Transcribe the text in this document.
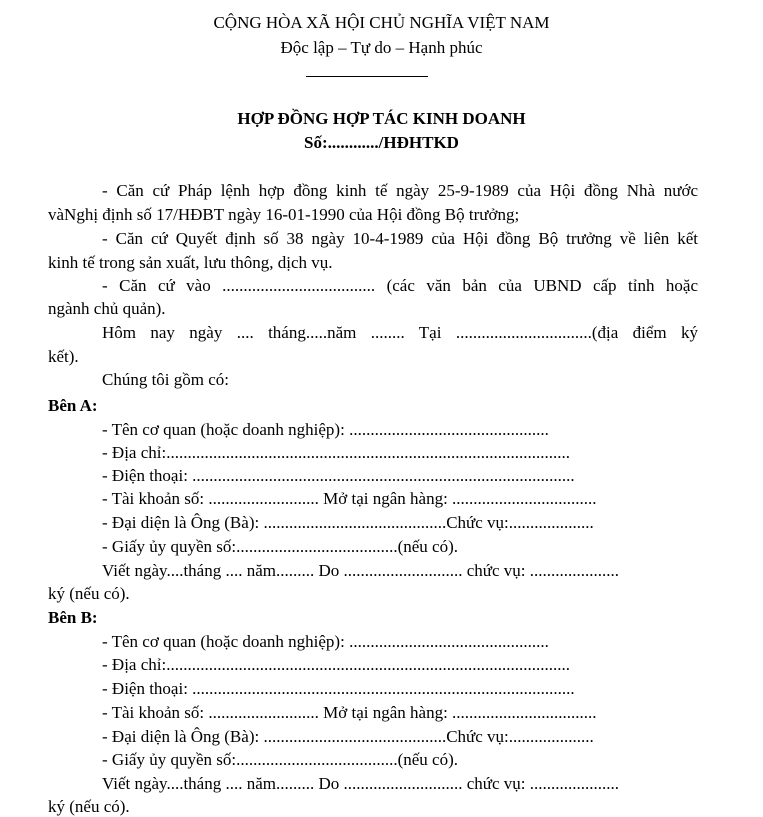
CỘNG HÒA XÃ HỘI CHỦ NGHĨA VIỆT NAM
Độc lập – Tự do – Hạnh phúc
HỢP ĐỒNG HỢP TÁC KINH DOANH
Số:............/HĐHTKD
- Căn cứ Pháp lệnh hợp đồng kinh tế ngày 25-9-1989 của Hội đồng Nhà nước
vàNghị định số 17/HĐBT ngày 16-01-1990 của Hội đồng Bộ trưởng;
- Căn cứ Quyết định số 38 ngày 10-4-1989 của Hội đồng Bộ trưởng về liên kết
kinh tế trong sản xuất, lưu thông, dịch vụ.
- Căn cứ vào .................................... (các văn bản của UBND cấp tỉnh hoặc
ngành chủ quản).
Hôm nay ngày .... tháng.....năm ........ Tại ................................(địa điểm ký
kết).
Chúng tôi gồm có:
Bên A:
- Tên cơ quan (hoặc doanh nghiệp): ...............................................
- Địa chỉ:...............................................................................................
- Điện thoại: ..........................................................................................
- Tài khoản số: .......................... Mở tại ngân hàng: ..................................
- Đại diện là Ông (Bà): ...........................................Chức vụ:....................
- Giấy ủy quyền số:......................................(nếu có).
Viết ngày....tháng .... năm......... Do ............................ chức vụ: .....................
ký (nếu có).
Bên B:
- Tên cơ quan (hoặc doanh nghiệp): ...............................................
- Địa chỉ:...............................................................................................
- Điện thoại: ..........................................................................................
- Tài khoản số: .......................... Mở tại ngân hàng: ..................................
- Đại diện là Ông (Bà): ...........................................Chức vụ:....................
- Giấy ủy quyền số:......................................(nếu có).
Viết ngày....tháng .... năm......... Do ............................ chức vụ: .....................
ký (nếu có).
